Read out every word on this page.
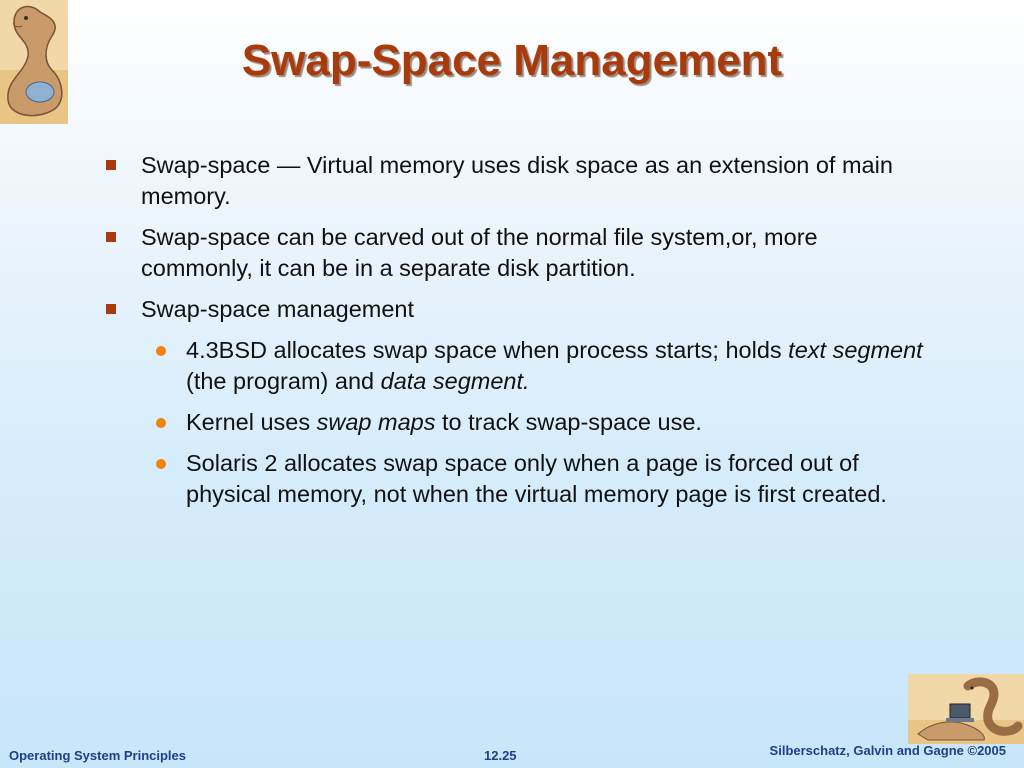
Swap-Space Management
Swap-space — Virtual memory uses disk space as an extension of main memory.
Swap-space can be carved out of the normal file system,or, more commonly, it can be in a separate disk partition.
Swap-space management
4.3BSD allocates swap space when process starts; holds text segment (the program) and data segment.
Kernel uses swap maps to track swap-space use.
Solaris 2 allocates swap space only when a page is forced out of physical memory, not when the virtual memory page is first created.
Operating System Principles	12.25	Silberschatz, Galvin and Gagne ©2005
